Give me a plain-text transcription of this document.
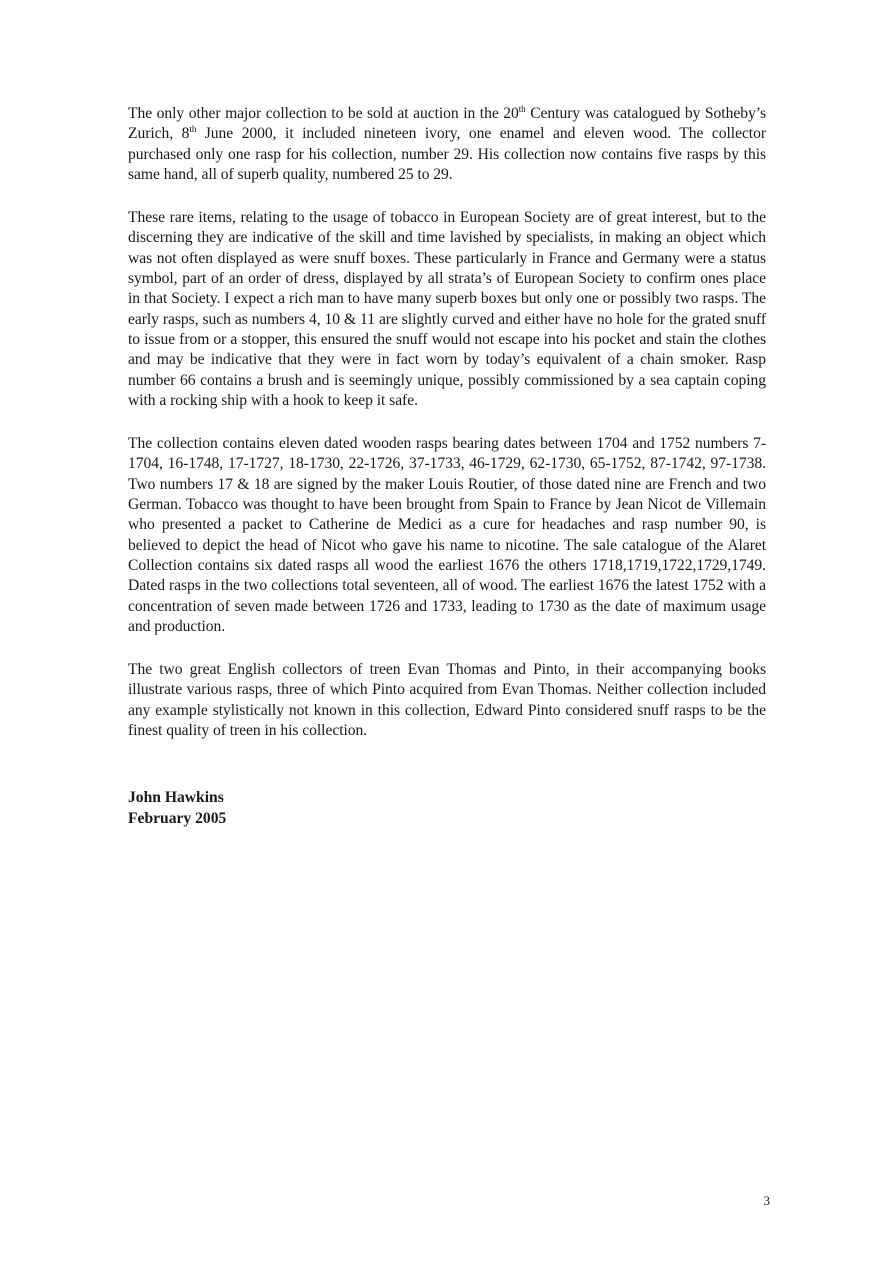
The only other major collection to be sold at auction in the 20th Century was catalogued by Sotheby’s Zurich, 8th June 2000, it included nineteen ivory, one enamel and eleven wood. The collector purchased only one rasp for his collection, number 29. His collection now contains five rasps by this same hand, all of superb quality, numbered 25 to 29.

These rare items, relating to the usage of tobacco in European Society are of great interest, but to the discerning they are indicative of the skill and time lavished by specialists, in making an object which was not often displayed as were snuff boxes. These particularly in France and Germany were a status symbol, part of an order of dress, displayed by all strata’s of European Society to confirm ones place in that Society. I expect a rich man to have many superb boxes but only one or possibly two rasps. The early rasps, such as numbers 4, 10 & 11 are slightly curved and either have no hole for the grated snuff to issue from or a stopper, this ensured the snuff would not escape into his pocket and stain the clothes and may be indicative that they were in fact worn by today’s equivalent of a chain smoker. Rasp number 66 contains a brush and is seemingly unique, possibly commissioned by a sea captain coping with a rocking ship with a hook to keep it safe.

The collection contains eleven dated wooden rasps bearing dates between 1704 and 1752 numbers 7-1704, 16-1748, 17-1727, 18-1730, 22-1726, 37-1733, 46-1729, 62-1730, 65-1752, 87-1742, 97-1738. Two numbers 17 & 18 are signed by the maker Louis Routier, of those dated nine are French and two German. Tobacco was thought to have been brought from Spain to France by Jean Nicot de Villemain who presented a packet to Catherine de Medici as a cure for headaches and rasp number 90, is believed to depict the head of Nicot who gave his name to nicotine. The sale catalogue of the Alaret Collection contains six dated rasps all wood the earliest 1676 the others 1718,1719,1722,1729,1749. Dated rasps in the two collections total seventeen, all of wood. The earliest 1676 the latest 1752 with a concentration of seven made between 1726 and 1733, leading to 1730 as the date of maximum usage and production.

The two great English collectors of treen Evan Thomas and Pinto, in their accompanying books illustrate various rasps, three of which Pinto acquired from Evan Thomas. Neither collection included any example stylistically not known in this collection, Edward Pinto considered snuff rasps to be the finest quality of treen in his collection.

John Hawkins
February 2005
3
